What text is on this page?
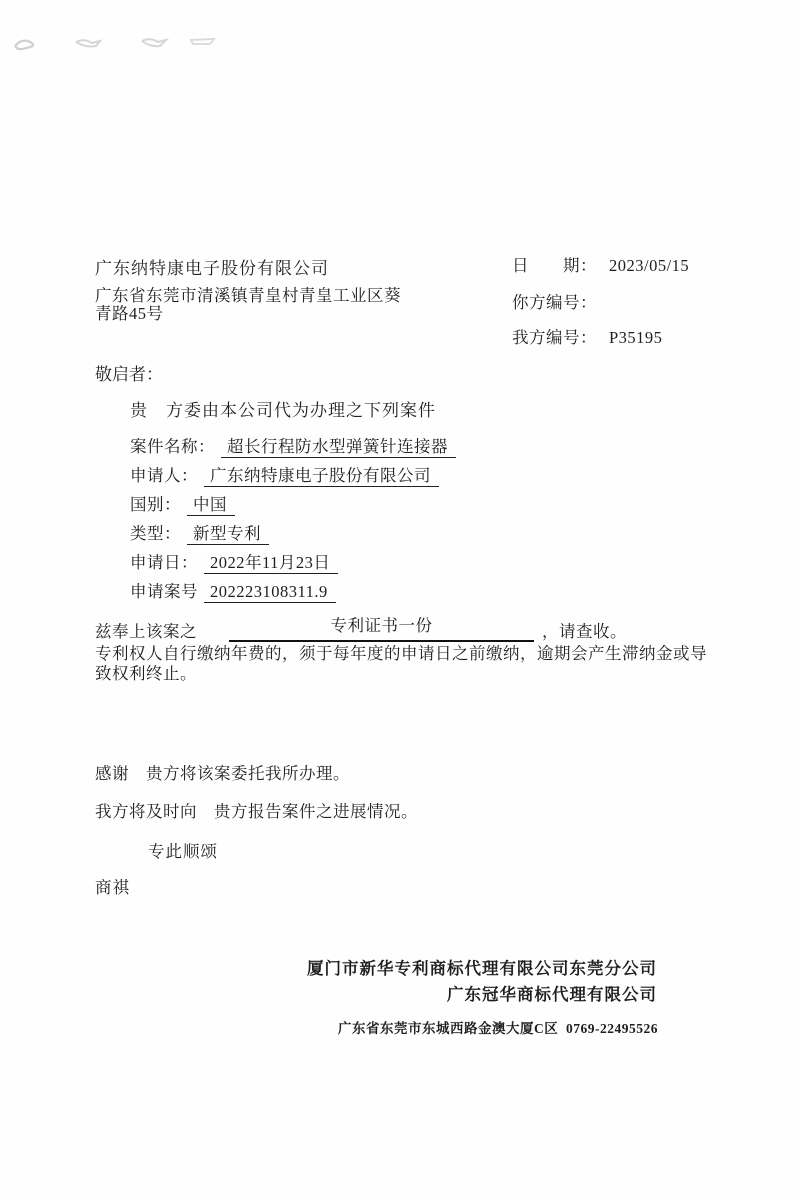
广东纳特康电子股份有限公司
广东省东莞市清溪镇青皇村青皇工业区葵
青路45号
日　　期： 2023/05/15
你方编号：
我方编号： P35195
敬启者：
贵　方委由本公司代为办理之下列案件
案件名称： 超长行程防水型弹簧针连接器
申请人： 广东纳特康电子股份有限公司
国别： 中国
类型： 新型专利
申请日： 2022年11月23日
申请案号 202223108311.9
兹奉上该案之	专利证书一份	，请查收。
专利权人自行缴纳年费的，须于每年度的申请日之前缴纳，逾期会产生滞纳金或导致权利终止。
感谢　贵方将该案委托我所办理。
我方将及时向　贵方报告案件之进展情况。
专此顺颂
商祺
厦门市新华专利商标代理有限公司东莞分公司
广东冠华商标代理有限公司
广东省东莞市东城西路金澳大厦C区  0769-22495526
